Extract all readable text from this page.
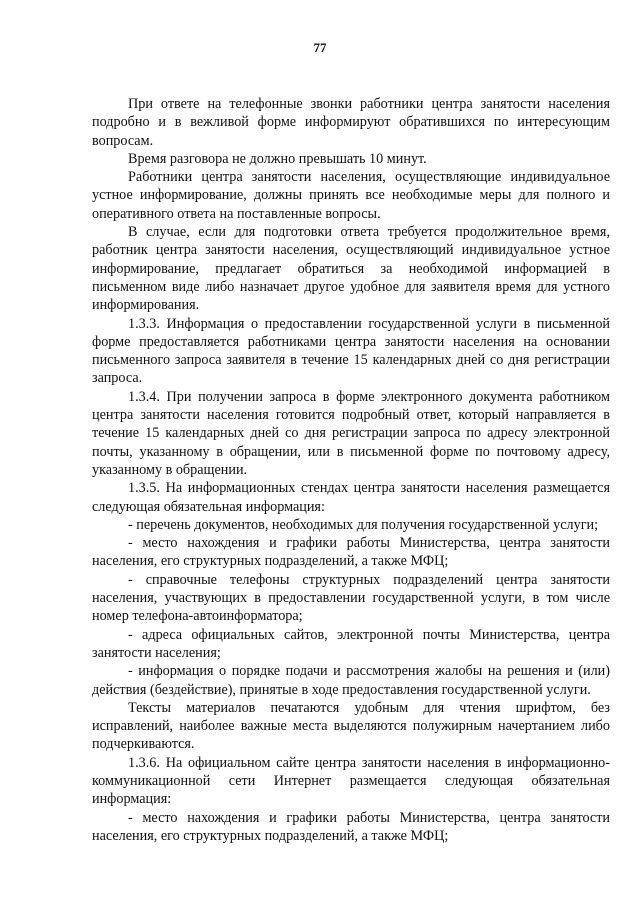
77

При ответе на телефонные звонки работники центра занятости населения подробно и в вежливой форме информируют обратившихся по интересующим вопросам.

Время разговора не должно превышать 10 минут.

Работники центра занятости населения, осуществляющие индивидуальное устное информирование, должны принять все необходимые меры для полного и оперативного ответа на поставленные вопросы.

В случае, если для подготовки ответа требуется продолжительное время, работник центра занятости населения, осуществляющий индивидуальное устное информирование, предлагает обратиться за необходимой информацией в письменном виде либо назначает другое удобное для заявителя время для устного информирования.

1.3.3. Информация о предоставлении государственной услуги в письменной форме предоставляется работниками центра занятости населения на основании письменного запроса заявителя в течение 15 календарных дней со дня регистрации запроса.

1.3.4. При получении запроса в форме электронного документа работником центра занятости населения готовится подробный ответ, который направляется в течение 15 календарных дней со дня регистрации запроса по адресу электронной почты, указанному в обращении, или в письменной форме по почтовому адресу, указанному в обращении.

1.3.5. На информационных стендах центра занятости населения размещается следующая обязательная информация:

- перечень документов, необходимых для получения государственной услуги;

- место нахождения и графики работы Министерства, центра занятости населения, его структурных подразделений, а также МФЦ;

- справочные телефоны структурных подразделений центра занятости населения, участвующих в предоставлении государственной услуги, в том числе номер телефона-автоинформатора;

- адреса официальных сайтов, электронной почты Министерства, центра занятости населения;

- информация о порядке подачи и рассмотрения жалобы на решения и (или) действия (бездействие), принятые в ходе предоставления государственной услуги.

Тексты материалов печатаются удобным для чтения шрифтом, без исправлений, наиболее важные места выделяются полужирным начертанием либо подчеркиваются.

1.3.6. На официальном сайте центра занятости населения в информационно-коммуникационной сети Интернет размещается следующая обязательная информация:

- место нахождения и графики работы Министерства, центра занятости населения, его структурных подразделений, а также МФЦ;
